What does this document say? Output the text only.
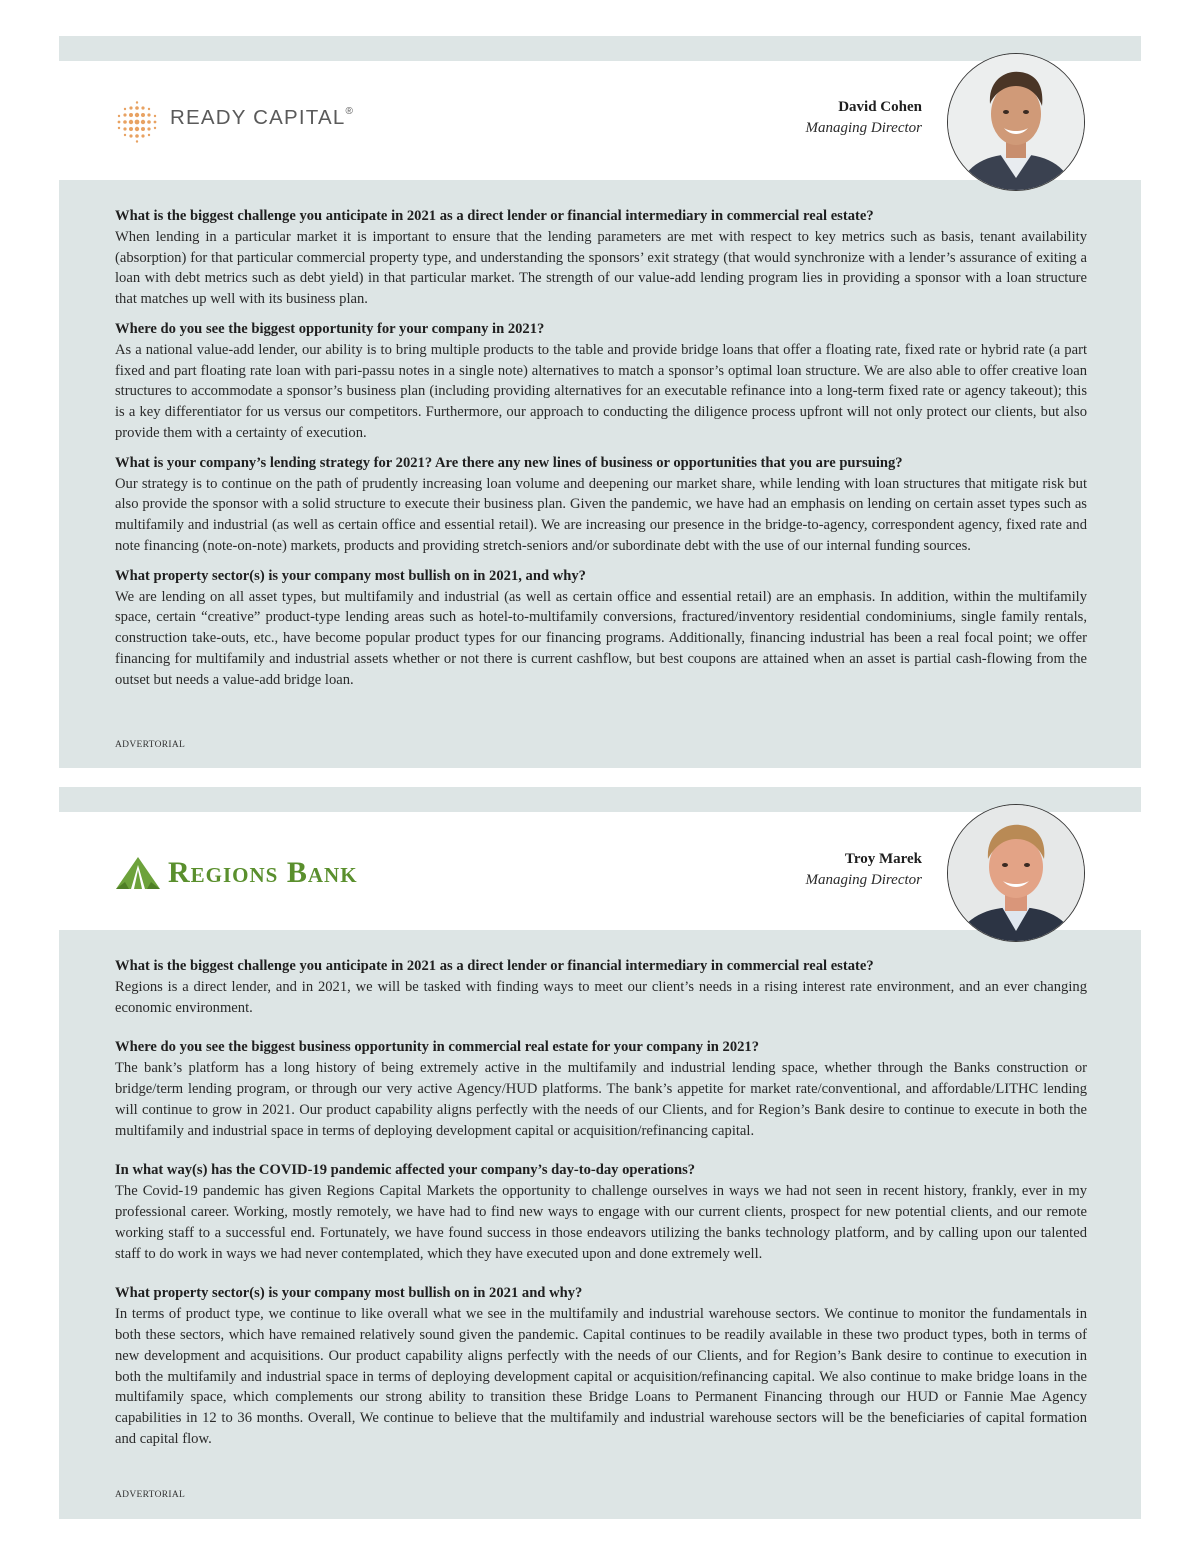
READY CAPITAL®	David Cohen
Managing Director

What is the biggest challenge you anticipate in 2021 as a direct lender or financial intermediary in commercial real estate?
When lending in a particular market it is important to ensure that the lending parameters are met with respect to key metrics such as basis, tenant availability (absorption) for that particular commercial property type, and understanding the sponsors’ exit strategy (that would synchronize with a lender’s assurance of exiting a loan with debt metrics such as debt yield) in that particular market. The strength of our value-add lending program lies in providing a sponsor with a loan structure that matches up well with its business plan.

Where do you see the biggest opportunity for your company in 2021?
As a national value-add lender, our ability is to bring multiple products to the table and provide bridge loans that offer a floating rate, fixed rate or hybrid rate (a part fixed and part floating rate loan with pari-passu notes in a single note) alternatives to match a sponsor’s optimal loan structure. We are also able to offer creative loan structures to accommodate a sponsor’s business plan (including providing alternatives for an executable refinance into a long-term fixed rate or agency takeout); this is a key differentiator for us versus our competitors. Furthermore, our approach to conducting the diligence process upfront will not only protect our clients, but also provide them with a certainty of execution.

What is your company’s lending strategy for 2021? Are there any new lines of business or opportunities that you are pursuing?
Our strategy is to continue on the path of prudently increasing loan volume and deepening our market share, while lending with loan structures that mitigate risk but also provide the sponsor with a solid structure to execute their business plan. Given the pandemic, we have had an emphasis on lending on certain asset types such as multifamily and industrial (as well as certain office and essential retail). We are increasing our presence in the bridge-to-agency, correspondent agency, fixed rate and note financing (note-on-note) markets, products and providing stretch-seniors and/or subordinate debt with the use of our internal funding sources.

What property sector(s) is your company most bullish on in 2021, and why?
We are lending on all asset types, but multifamily and industrial (as well as certain office and essential retail) are an emphasis. In addition, within the multifamily space, certain “creative” product-type lending areas such as hotel-to-multifamily conversions, fractured/inventory residential condominiums, single family rentals, construction take-outs, etc., have become popular product types for our financing programs. Additionally, financing industrial has been a real focal point; we offer financing for multifamily and industrial assets whether or not there is current cashflow, but best coupons are attained when an asset is partial cash-flowing from the outset but needs a value-add bridge loan.

ADVERTORIAL
Regions Bank	Troy Marek
Managing Director

What is the biggest challenge you anticipate in 2021 as a direct lender or financial intermediary in commercial real estate?
Regions is a direct lender, and in 2021, we will be tasked with finding ways to meet our client’s needs in a rising interest rate environment, and an ever changing economic environment.

Where do you see the biggest business opportunity in commercial real estate for your company in 2021?
The bank’s platform has a long history of being extremely active in the multifamily and industrial lending space, whether through the Banks construction or bridge/term lending program, or through our very active Agency/HUD platforms. The bank’s appetite for market rate/conventional, and affordable/LITHC lending will continue to grow in 2021. Our product capability aligns perfectly with the needs of our Clients, and for Region’s Bank desire to continue to execute in both the multifamily and industrial space in terms of deploying development capital or acquisition/refinancing capital.

In what way(s) has the COVID-19 pandemic affected your company’s day-to-day operations?
The Covid-19 pandemic has given Regions Capital Markets the opportunity to challenge ourselves in ways we had not seen in recent history, frankly, ever in my professional career. Working, mostly remotely, we have had to find new ways to engage with our current clients, prospect for new potential clients, and our remote working staff to a successful end. Fortunately, we have found success in those endeavors utilizing the banks technology platform, and by calling upon our talented staff to do work in ways we had never contemplated, which they have executed upon and done extremely well.

What property sector(s) is your company most bullish on in 2021 and why?
In terms of product type, we continue to like overall what we see in the multifamily and industrial warehouse sectors. We continue to monitor the fundamentals in both these sectors, which have remained relatively sound given the pandemic. Capital continues to be readily available in these two product types, both in terms of new development and acquisitions. Our product capability aligns perfectly with the needs of our Clients, and for Region’s Bank desire to continue to execution in both the multifamily and industrial space in terms of deploying development capital or acquisition/refinancing capital. We also continue to make bridge loans in the multifamily space, which complements our strong ability to transition these Bridge Loans to Permanent Financing through our HUD or Fannie Mae Agency capabilities in 12 to 36 months. Overall, We continue to believe that the multifamily and industrial warehouse sectors will be the beneficiaries of capital formation and capital flow.

ADVERTORIAL
